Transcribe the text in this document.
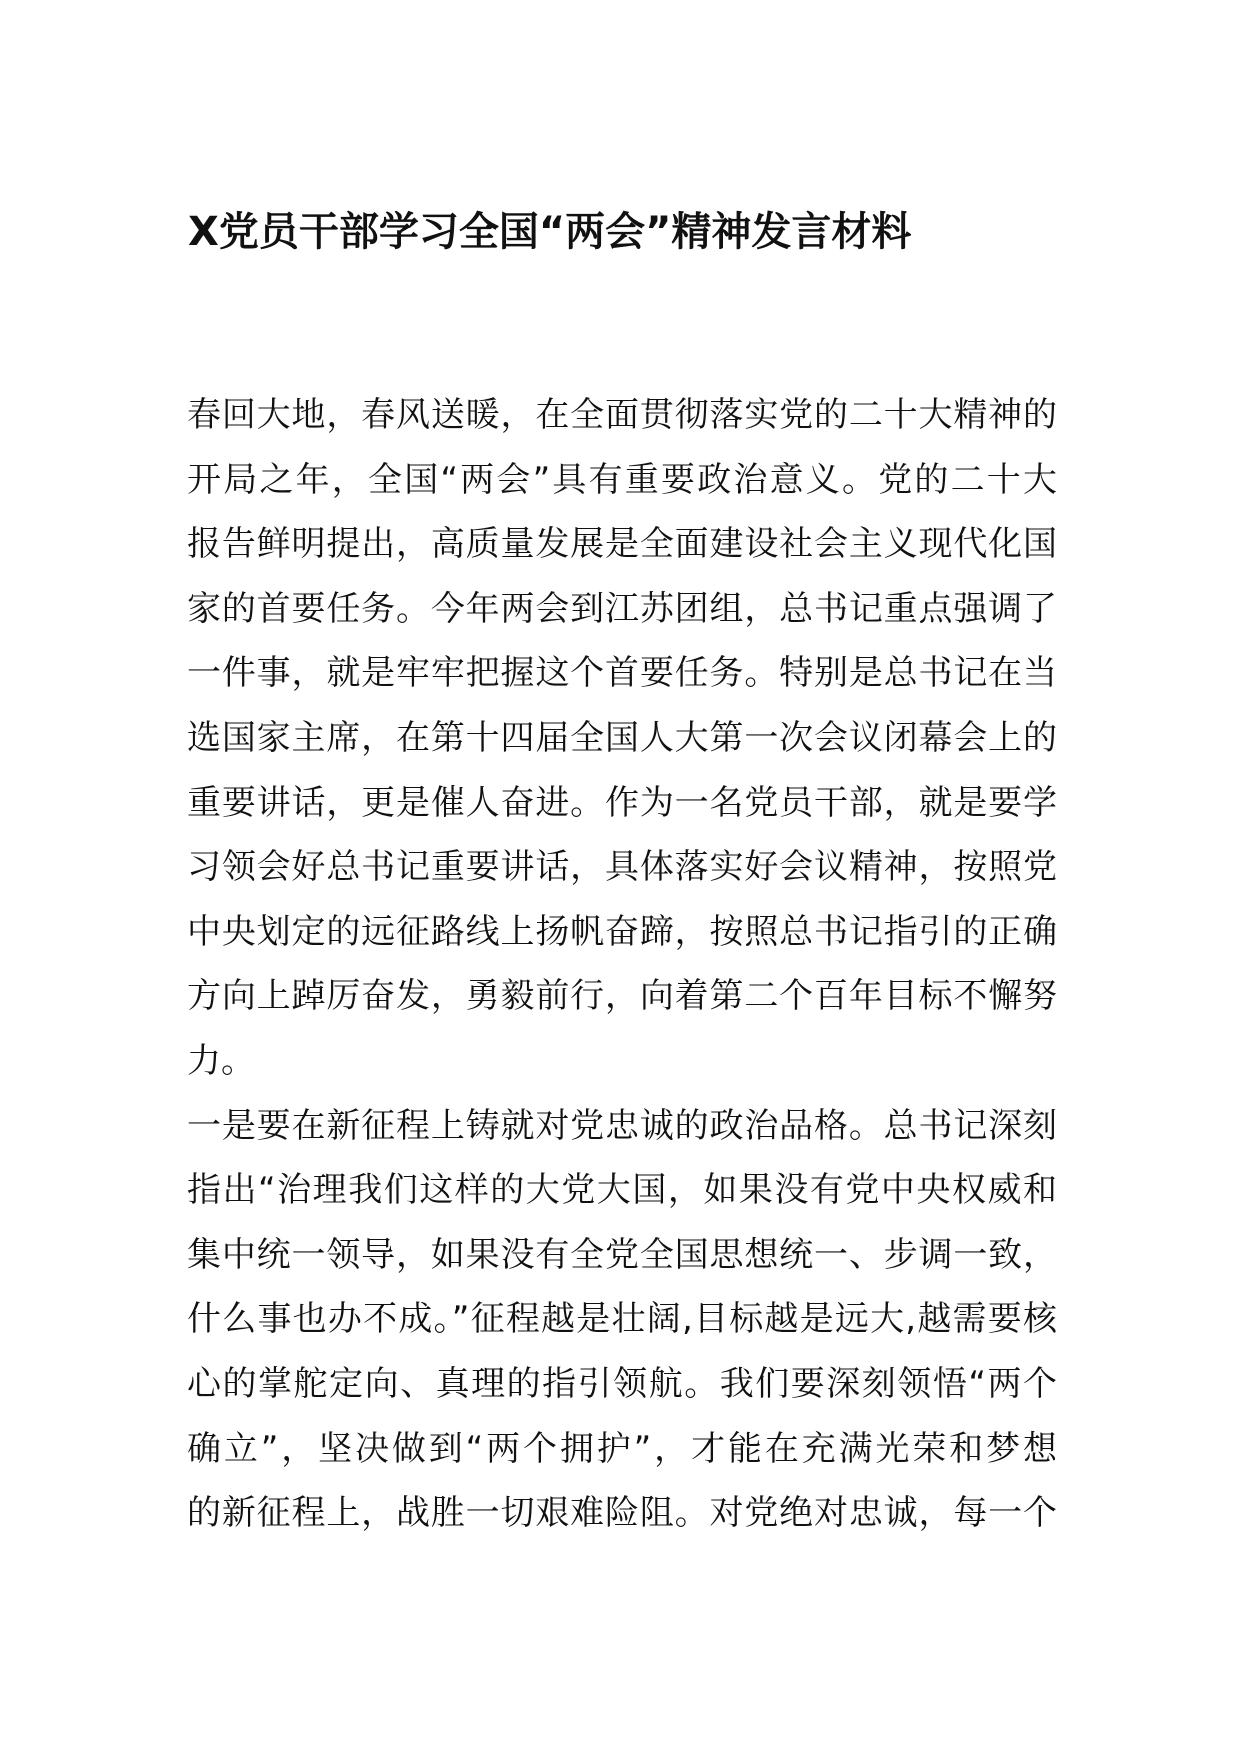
X党员干部学习全国“两会”精神发言材料
春回大地，春风送暖，在全面贯彻落实党的二十大精神的
开局之年，全国“两会”具有重要政治意义。党的二十大
报告鲜明提出，高质量发展是全面建设社会主义现代化国
家的首要任务。今年两会到江苏团组，总书记重点强调了
一件事，就是牢牢把握这个首要任务。特别是总书记在当
选国家主席，在第十四届全国人大第一次会议闭幕会上的
重要讲话，更是催人奋进。作为一名党员干部，就是要学
习领会好总书记重要讲话，具体落实好会议精神，按照党
中央划定的远征路线上扬帆奋蹄，按照总书记指引的正确
方向上踔厉奋发，勇毅前行，向着第二个百年目标不懈努
力。
一是要在新征程上铸就对党忠诚的政治品格。总书记深刻
指出“治理我们这样的大党大国，如果没有党中央权威和
集中统一领导，如果没有全党全国思想统一、步调一致，
什么事也办不成。”征程越是壮阔,目标越是远大,越需要核
心的掌舵定向、真理的指引领航。我们要深刻领悟“两个
确立”，坚决做到“两个拥护”，才能在充满光荣和梦想
的新征程上，战胜一切艰难险阻。对党绝对忠诚，每一个
